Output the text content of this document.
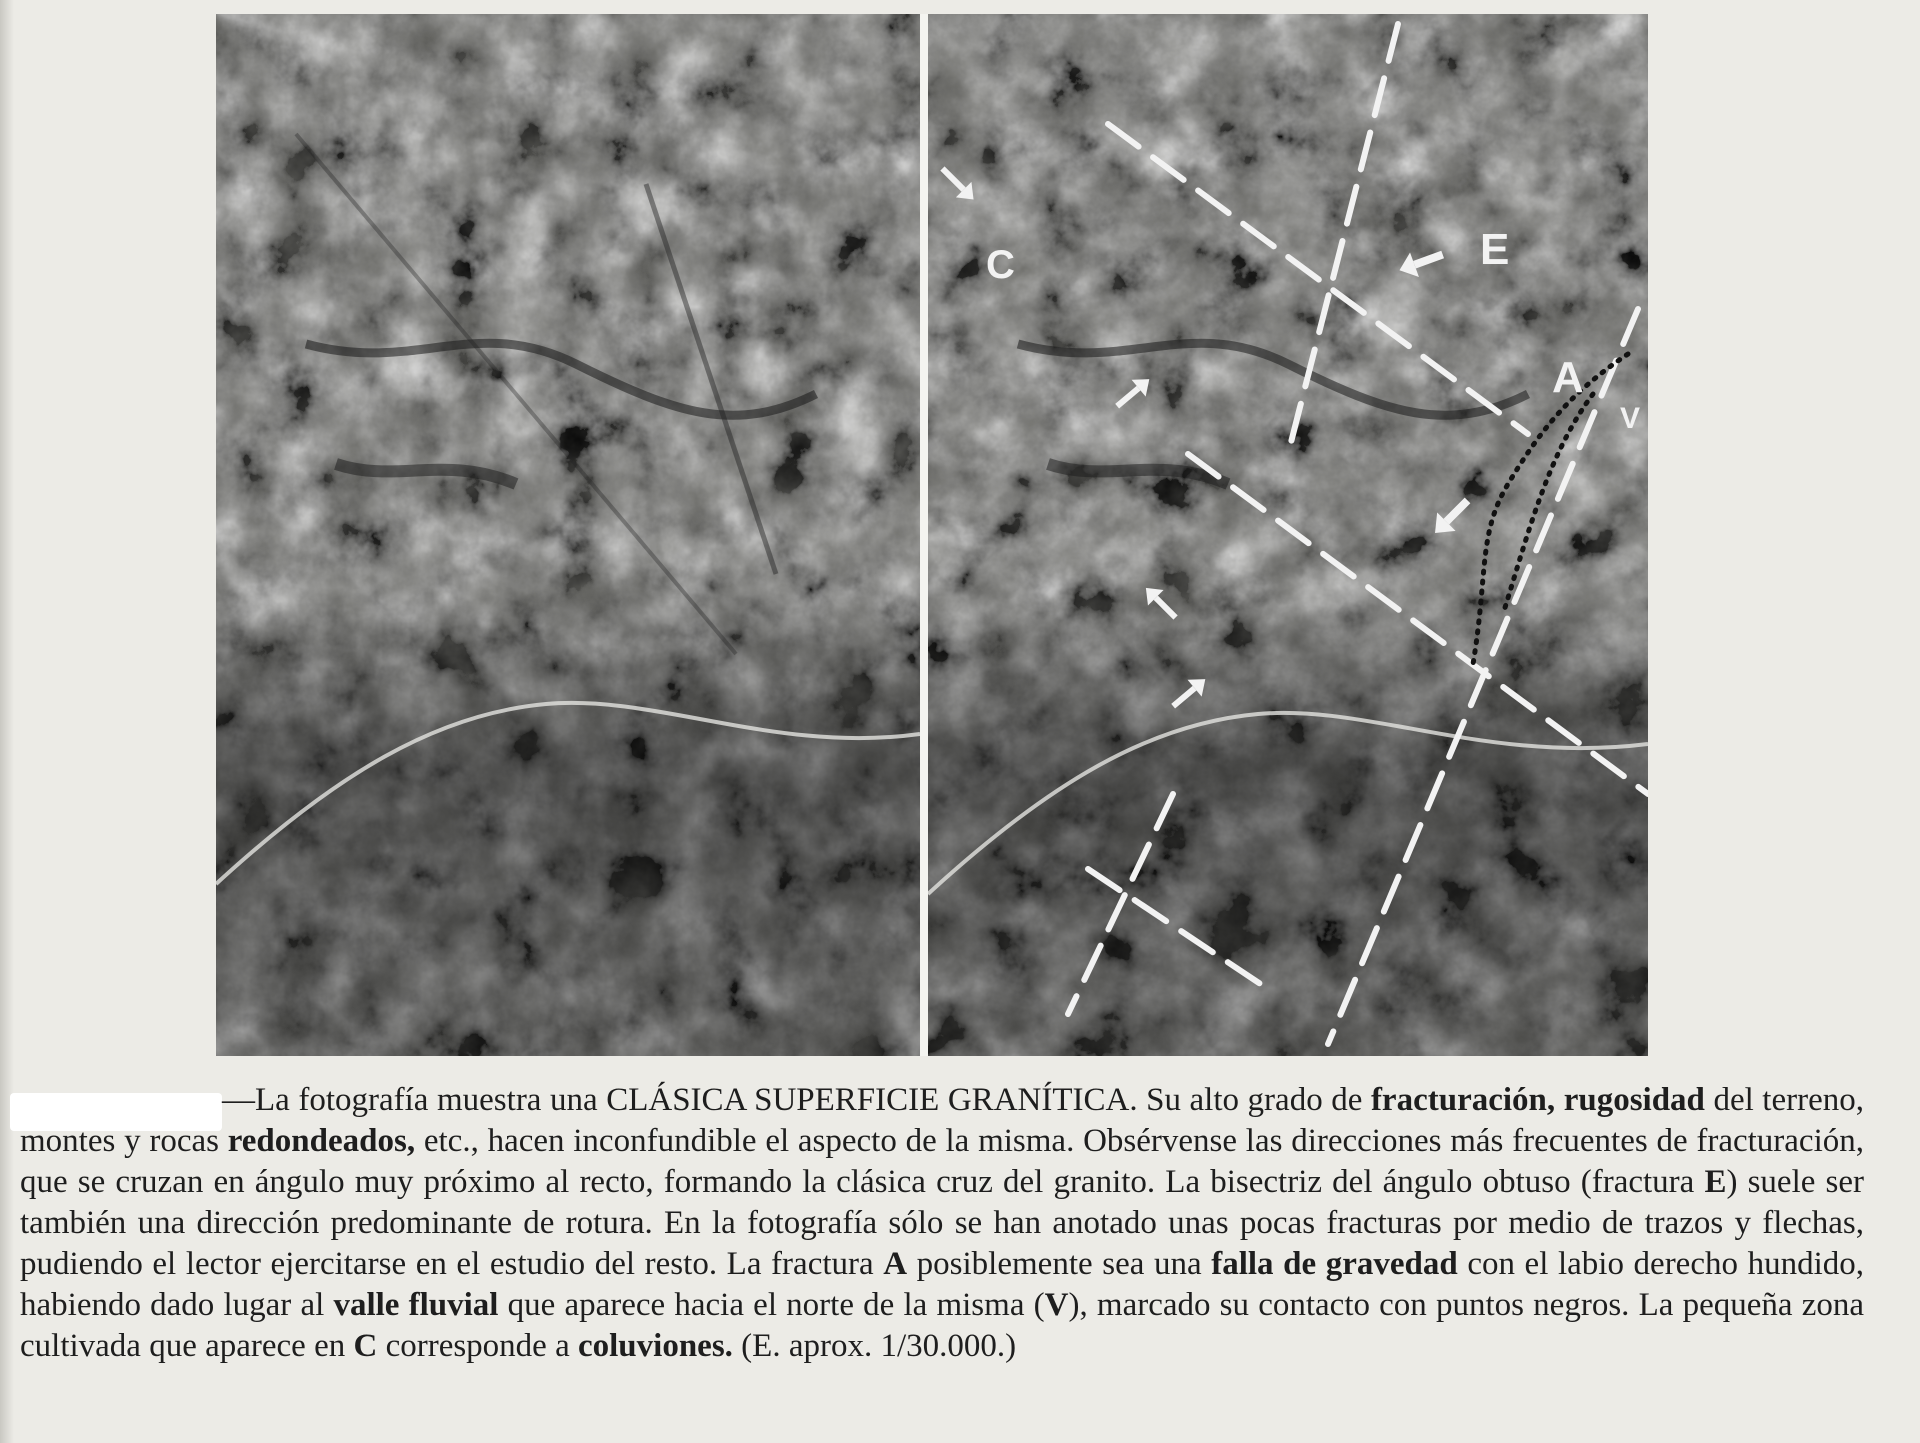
C	E
A
V
—La fotografía muestra una CLÁSICA SUPERFICIE GRANÍTICA. Su alto grado de fracturación, rugosidad del terreno, montes y rocas redondeados, etc., hacen inconfundible el aspecto de la misma. Obsérvense las direcciones más frecuentes de fracturación, que se cruzan en ángulo muy próximo al recto, formando la clásica cruz del granito. La bisectriz del ángulo obtuso (fractura E) suele ser también una dirección predominante de rotura. En la fotografía sólo se han anotado unas pocas fracturas por medio de trazos y flechas, pudiendo el lector ejercitarse en el estudio del resto. La fractura A posiblemente sea una falla de gravedad con el labio derecho hundido, habiendo dado lugar al valle fluvial que aparece hacia el norte de la misma (V), marcado su contacto con puntos negros. La pequeña zona cultivada que aparece en C corresponde a coluviones. (E. aprox. 1/30.000.)
